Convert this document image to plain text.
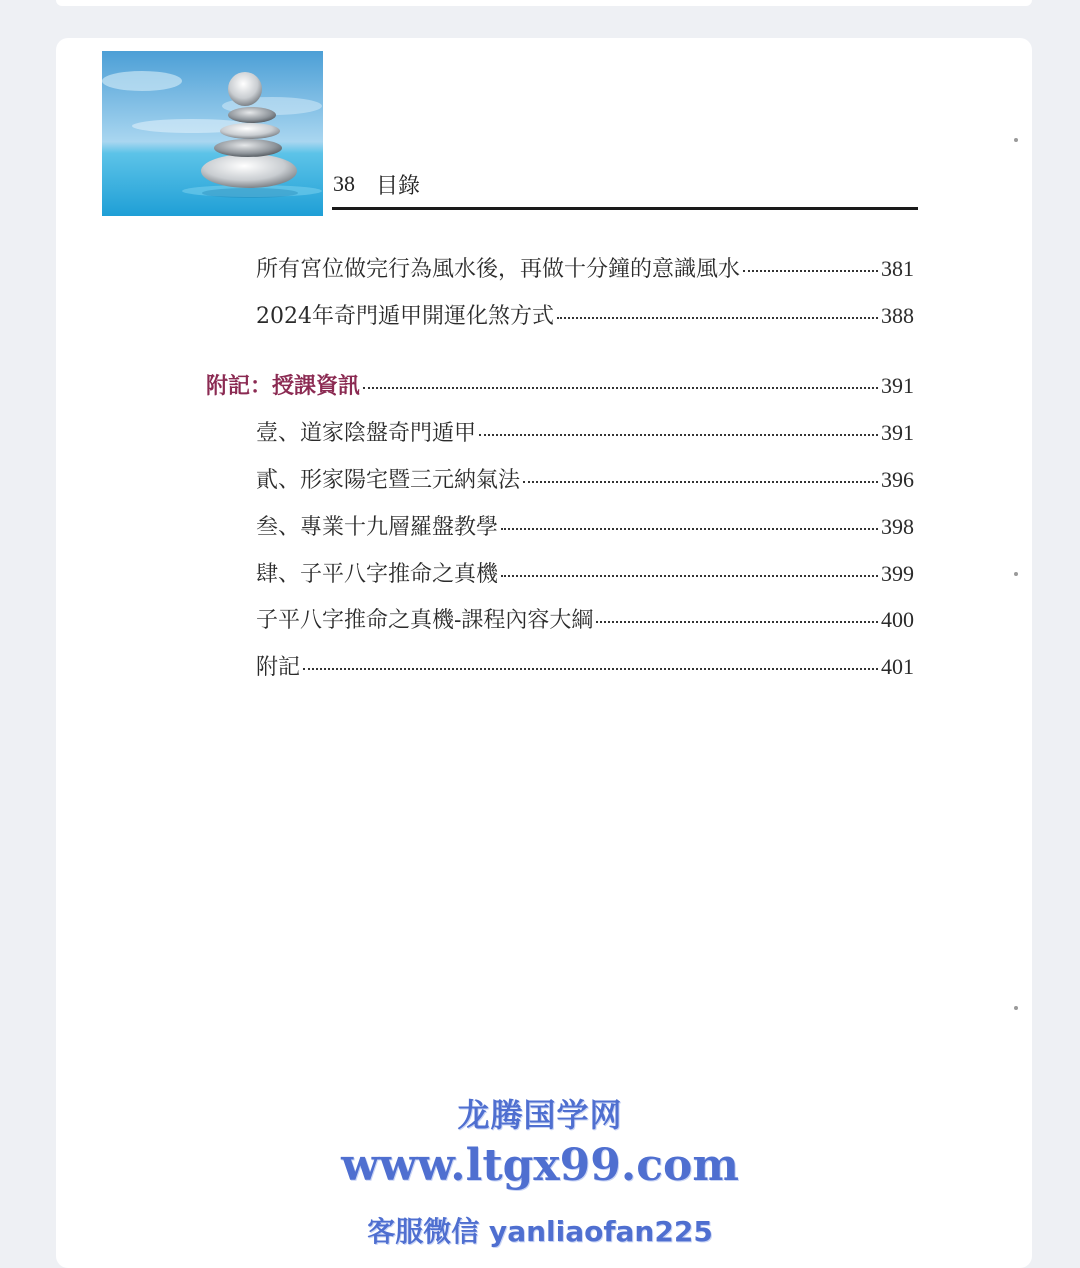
38 目錄
所有宮位做完行為風水後，再做十分鐘的意識風水	381
2024年奇門遁甲開運化煞方式	388
附記：授課資訊	391
壹、道家陰盤奇門遁甲	391
貳、形家陽宅暨三元納氣法	396
叁、專業十九層羅盤教學	398
肆、子平八字推命之真機	399
子平八字推命之真機-課程內容大綱	400
附記	401
龙腾国学网
www.ltgx99.com
客服微信 yanliaofan225
